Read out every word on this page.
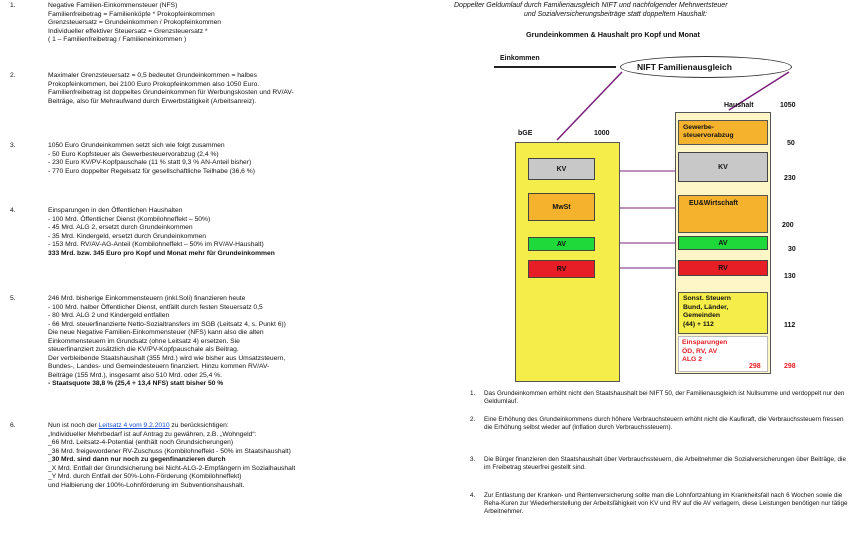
1.	Negative Familien-Einkommensteuer (NFS)
Familienfreibetrag = Familienköpfe * Prokopfeinkommen
Grenzsteuersatz = Grundeinkommen / Prokopfeinkommen
Individueller effektiver Steuersatz = Grenzsteuersatz *
( 1 – Familienfreibetrag / Familieneinkommen )
2.	Maximaler Grenzsteuersatz = 0,5 bedeutet Grundeinkommen = halbes
Prokopfeinkommen, bei 2100 Euro Prokopfeinkommen also 1050 Euro.
Familienfreibetrag ist doppeltes Grundeinkommen für Werbungskosten und RV/AV-
Beiträge, also für Mehraufwand durch Erwerbstätigkeit (Arbeitsanreiz).
3.	1050 Euro Grundeinkommen setzt sich wie folgt zusammen
- 50 Euro Kopfsteuer als Gewerbesteuervorabzug (2,4 %)
- 230 Euro KV/PV-Kopfpauschale (11 % statt 9,3 % AN-Anteil bisher)
- 770 Euro doppelter Regelsatz für gesellschaftliche Teilhabe (36,6 %)
4.	Einsparungen in den Öffentlichen Haushalten
- 100 Mrd. Öffentlicher Dienst (Kombilohneffekt – 50%)
- 45 Mrd. ALG 2, ersetzt durch Grundeinkommen
- 35 Mrd. Kindergeld, ersetzt durch Grundeinkommen
- 153 Mrd. RV/AV-AG-Anteil (Kombilohneffekt – 50% im RV/AV-Haushalt)
333 Mrd. bzw. 345 Euro pro Kopf und Monat mehr für Grundeinkommen
5.	246 Mrd. bisherige Einkommensteuern (inkl.Soli) finanzieren heute
- 100 Mrd. halber Öffentlicher Dienst, entfällt durch festen Steuersatz 0,5
- 80 Mrd. ALG 2 und Kindergeld entfallen
- 66 Mrd. steuerfinanzierte Netto-Sozialtransfers im SGB (Leitsatz 4, s. Punkt 6))
Die neue Negative Familien-Einkommensteuer (NFS) kann also die alten
Einkommensteuern im Grundsatz (ohne Leitsatz 4) ersetzen. Sie
steuerfinanziert zusätzlich die KV/PV-Kopfpauschale als Beitrag.
Der verbleibende Staatshaushalt (355 Mrd.) wird wie bisher aus Umsatzsteuern,
Bundes-, Landes- und Gemeindesteuern finanziert. Hinzu kommen RV/AV-
Beiträge (155 Mrd.), insgesamt also 510 Mrd. oder 25,4 %.
- Staatsquote 38,8 % (25,4 + 13,4 NFS) statt bisher 50 %
6.	Nun ist noch der Leitsatz 4 vom 9.2.2010 zu berücksichtigen:
„Individueller Mehrbedarf ist auf Antrag zu gewähren, z.B. „Wohngeld“:
_66 Mrd. Leitsatz-4-Potential (enthält noch Grundsicherungen)
_36 Mrd. freigewordener RV-Zuschuss (Kombilohneffekt - 50% im Staatshaushalt)
_30 Mrd. sind dann nur noch zu gegenfinanzieren durch
_X Mrd. Entfall der Grundsicherung bei Nicht-ALG-2-Empfängern im Sozialhaushalt
_Y Mrd. durch Entfall der 50%-Lohn-Förderung (Kombilohneffekt)
und Halbierung der 100%-Lohnförderung im Subventionshaushalt.
Doppelter Geldumlauf durch Familienausgleich NIFT und nachfolgender Mehrwertsteuer
und Sozialversicherungsbeiträge statt doppeltem Haushalt:
Grundeinkommen & Haushalt pro Kopf und Monat
Einkommen
NIFT Familienausgleich
bGE	1000
KV
MwSt
AV
RV
Haushalt	1050
Gewerbe-
steuervorabzug
50
KV
230
EU&Wirtschaft
200
AV
30
RV
130
Sonst. Steuern
Bund, Länder,
Gemeinden
(44) + 112	112
Einsparungen
ÖD, RV, AV
ALG 2
298	298
1. Das Grundeinkommen erhöht nicht den Staatshaushalt bei NIFT 50, der Familienausgleich ist Nullsumme und verdoppelt nur den Geldumlauf.
2. Eine Erhöhung des Grundeinkommens durch höhere Verbrauchsteuern erhöht nicht die Kaufkraft, die Verbrauchssteuern fressen die Erhöhung selbst wieder auf (Inflation durch Verbrauchssteuern).
3. Die Bürger finanzieren den Staatshaushalt über Verbrauchssteuern, die Arbeitnehmer die Sozialversicherungen über Beiträge, die im Freibetrag steuerfrei gestellt sind.
4. Zur Entlastung der Kranken- und Rentenversicherung sollte man die Lohnfortzahlung im Krankheitsfall nach 6 Wochen sowie die Reha-Kuren zur Wiederherstellung der Arbeitsfähigkeit von KV und RV auf die AV verlagern, diese Leistungen benötigen nur tätige Arbeitnehmer.
